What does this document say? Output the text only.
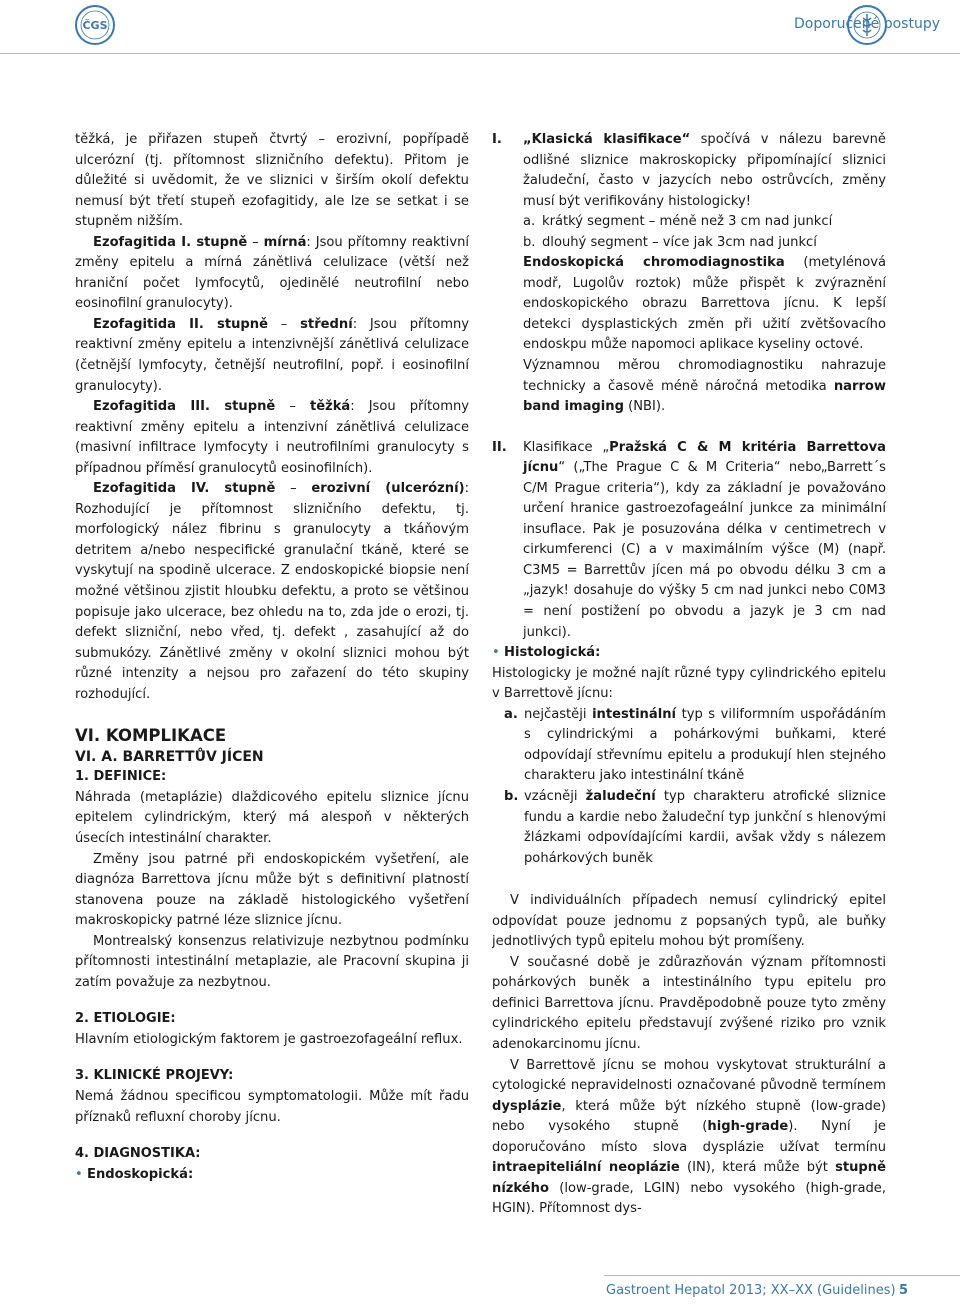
ČGS	Doporučené postupy

těžká, je přiřazen stupeň čtvrtý – erozivní, popřípadě ulcerózní (tj. přítomnost slizničního defektu). Přitom je důležité si uvědomit, že ve sliznici v širším okolí defektu nemusí být třetí stupeň ezofagitidy, ale lze se setkat i se stupněm nižším.

Ezofagitida I. stupně – mírná: Jsou přítomny reaktivní změny epitelu a mírná zánětlivá celulizace (větší než hraniční počet lymfocytů, ojedinělé neutrofilní nebo eosinofilní granulocyty).

Ezofagitida II. stupně – střední: Jsou přítomny reaktivní změny epitelu a intenzivnější zánětlivá celulizace (četnější lymfocyty, četnější neutrofilní, popř. i eosinofilní granulocyty).

Ezofagitida III. stupně – těžká: Jsou přítomny reaktivní změny epitelu a intenzivní zánětlivá celulizace (masivní infiltrace lymfocyty i neutrofilními granulocyty s případnou příměsí granulocytů eosinofilních).

Ezofagitida IV. stupně – erozivní (ulcerózní): Rozhodující je přítomnost slizničního defektu, tj. morfologický nález fibrinu s granulocyty a tkáňovým detritem a/nebo nespecifické granulační tkáně, které se vyskytují na spodině ulcerace. Z endoskopické biopsie není možné většinou zjistit hloubku defektu, a proto se většinou popisuje jako ulcerace, bez ohledu na to, zda jde o erozi, tj. defekt slizniční, nebo vřed, tj. defekt , zasahující až do submukózy. Zánětlivé změny v okolní sliznici mohou být různé intenzity a nejsou pro zařazení do této skupiny rozhodující.

VI. KOMPLIKACE
VI. A. BARRETTŮV JÍCEN
1. DEFINICE:

Náhrada (metaplázie) dlaždicového epitelu sliznice jícnu epitelem cylindrickým, který má alespoň v některých úsecích intestinální charakter.

Změny jsou patrné při endoskopickém vyšetření, ale diagnóza Barrettova jícnu může být s definitivní platností stanovena pouze na základě histologického vyšetření makroskopicky patrné léze sliznice jícnu.

Montrealský konsenzus relativizuje nezbytnou podmínku přítomnosti intestinální metaplazie, ale Pracovní skupina ji zatím považuje za nezbytnou.

2. ETIOLOGIE:

Hlavním etiologickým faktorem je gastroezofageální reflux.

3. KLINICKÉ PROJEVY:

Nemá žádnou specificou symptomatologii. Může mít řadu příznaků refluxní choroby jícnu.

4. DIAGNOSTIKA:
• Endoskopická:
I.	„Klasická klasifikace“ spočívá v nálezu barevně odlišné sliznice makroskopicky připomínající sliznici žaludeční, často v jazycích nebo ostrůvcích, změny musí být verifikovány histologicky!
a. krátký segment – méně než 3 cm nad junkcí
b. dlouhý segment – více jak 3cm nad junkcí

Endoskopická chromodiagnostika (metylénová modř, Lugolův roztok) může přispět k zvýraznění endoskopického obrazu Barrettova jícnu. K lepší detekci dysplastických změn při užití zvětšovacího endoskpu může napomoci aplikace kyseliny octové.

Významnou měrou chromodiagnostiku nahrazuje technicky a časově méně náročná metodika narrow band imaging (NBI).

II.	Klasifikace „Pražská C & M kritéria Barrettova jícnu“ („The Prague C & M Criteria“ nebo„Barrett´s C/M Prague criteria“), kdy za základní je považováno určení hranice gastroezofageální junkce za minimální insuflace. Pak je posuzována délka v centimetrech v cirkumferenci (C) a v maximálním výšce (M) (např. C3M5 = Barrettův jícen má po obvodu délku 3 cm a „jazyk! dosahuje do výšky 5 cm nad junkci nebo C0M3 = není postižení po obvodu a jazyk je 3 cm nad junkci).
• Histologická:

Histologicky je možné najít různé typy cylindrického epitelu v Barrettově jícnu:

a. nejčastěji intestinální typ s viliformním uspořádáním s cylindrickými a pohárkovými buňkami, které odpovídají střevnímu epitelu a produkují hlen stejného charakteru jako intestinální tkáně
b. vzácněji žaludeční typ charakteru atrofické sliznice fundu a kardie nebo žaludeční typ junkční s hlenovými žlázkami odpovídajícími kardii, avšak vždy s nálezem pohárkových buněk

V individuálních případech nemusí cylindrický epitel odpovídat pouze jednomu z popsaných typů, ale buňky jednotlivých typů epitelu mohou být promíšeny.

V současné době je zdůrazňován význam přítomnosti pohárkových buněk a intestinálního typu epitelu pro definici Barrettova jícnu. Pravděpodobně pouze tyto změny cylindrického epitelu představují zvýšené riziko pro vznik adenokarcinomu jícnu.

V Barrettově jícnu se mohou vyskytovat strukturální a cytologické nepravidelnosti označované původně termínem dysplázie, která může být nízkého stupně (low-grade) nebo vysokého stupně (high-grade). Nyní je doporučováno místo slova dysplázie užívat termínu intraepiteliální neoplázie (IN), která může být stupně nízkého (low-grade, LGIN) nebo vysokého (high-grade, HGIN). Přítomnost dys-

Gastroent Hepatol 2013; XX–XX (Guidelines) 5
